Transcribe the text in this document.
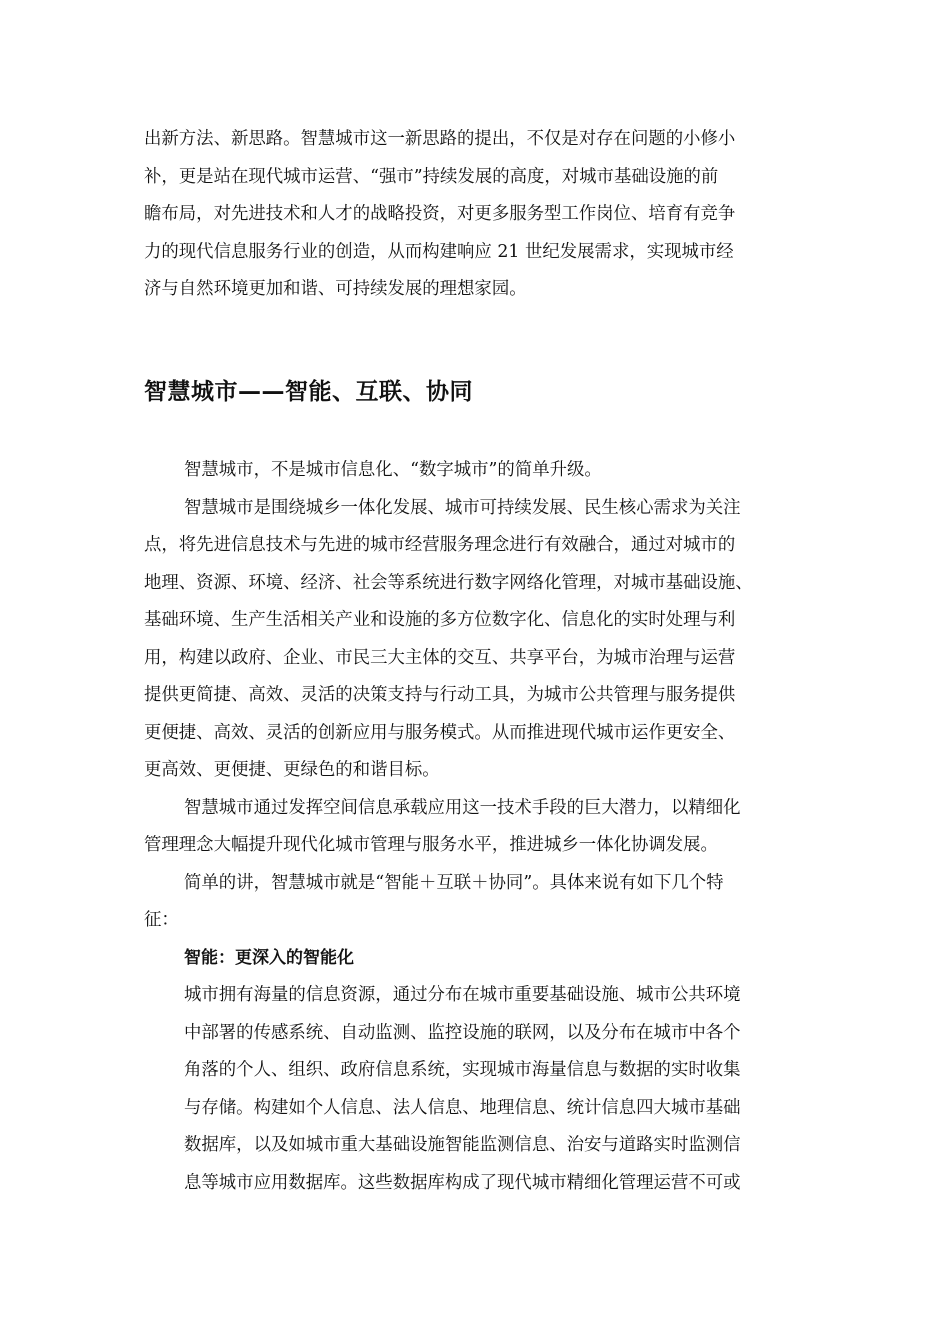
出新方法、新思路。智慧城市这一新思路的提出，不仅是对存在问题的小修小
补，更是站在现代城市运营、“强市”持续发展的高度，对城市基础设施的前
瞻布局，对先进技术和人才的战略投资，对更多服务型工作岗位、培育有竞争
力的现代信息服务行业的创造，从而构建响应 21 世纪发展需求，实现城市经
济与自然环境更加和谐、可持续发展的理想家园。
智慧城市——智能、互联、协同
智慧城市，不是城市信息化、“数字城市”的简单升级。
智慧城市是围绕城乡一体化发展、城市可持续发展、民生核心需求为关注
点，将先进信息技术与先进的城市经营服务理念进行有效融合，通过对城市的
地理、资源、环境、经济、社会等系统进行数字网络化管理，对城市基础设施、
基础环境、生产生活相关产业和设施的多方位数字化、信息化的实时处理与利
用，构建以政府、企业、市民三大主体的交互、共享平台，为城市治理与运营
提供更简捷、高效、灵活的决策支持与行动工具，为城市公共管理与服务提供
更便捷、高效、灵活的创新应用与服务模式。从而推进现代城市运作更安全、
更高效、更便捷、更绿色的和谐目标。
智慧城市通过发挥空间信息承载应用这一技术手段的巨大潜力，以精细化
管理理念大幅提升现代化城市管理与服务水平，推进城乡一体化协调发展。
简单的讲，智慧城市就是“智能＋互联＋协同”。具体来说有如下几个特
征：
智能：更深入的智能化
城市拥有海量的信息资源，通过分布在城市重要基础设施、城市公共环境
中部署的传感系统、自动监测、监控设施的联网，以及分布在城市中各个
角落的个人、组织、政府信息系统，实现城市海量信息与数据的实时收集
与存储。构建如个人信息、法人信息、地理信息、统计信息四大城市基础
数据库，以及如城市重大基础设施智能监测信息、治安与道路实时监测信
息等城市应用数据库。这些数据库构成了现代城市精细化管理运营不可或
